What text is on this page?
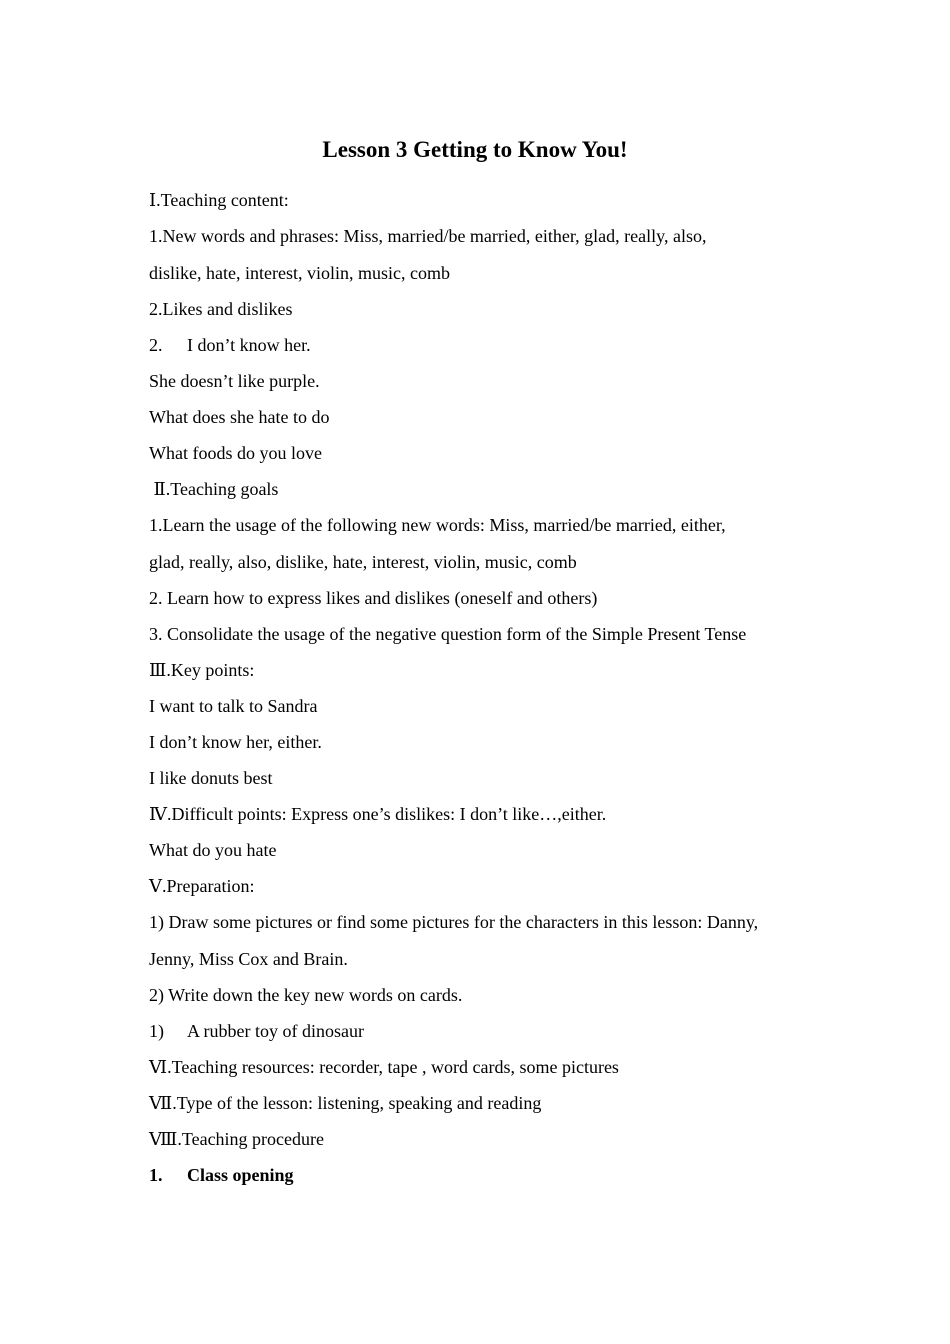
Lesson 3 Getting to Know You!
Ⅰ.Teaching content:
1.New words and phrases: Miss, married/be married, either, glad, really, also,
dislike, hate, interest, violin, music, comb
2.Likes and dislikes
2. I don’t know her.
She doesn’t like purple.
What does she hate to do
What foods do you love
Ⅱ.Teaching goals
1.Learn the usage of the following new words: Miss, married/be married, either,
glad, really, also, dislike, hate, interest, violin, music, comb
2. Learn how to express likes and dislikes (oneself and others)
3. Consolidate the usage of the negative question form of the Simple Present Tense
Ⅲ.Key points:
I want to talk to Sandra
I don’t know her, either.
I like donuts best
Ⅳ.Difficult points: Express one’s dislikes: I don’t like…,either.
What do you hate
Ⅴ.Preparation:
1) Draw some pictures or find some pictures for the characters in this lesson: Danny,
Jenny, Miss Cox and Brain.
2) Write down the key new words on cards.
1) A rubber toy of dinosaur
Ⅵ.Teaching resources: recorder, tape , word cards, some pictures
Ⅶ.Type of the lesson: listening, speaking and reading
Ⅷ.Teaching procedure
1. Class opening
